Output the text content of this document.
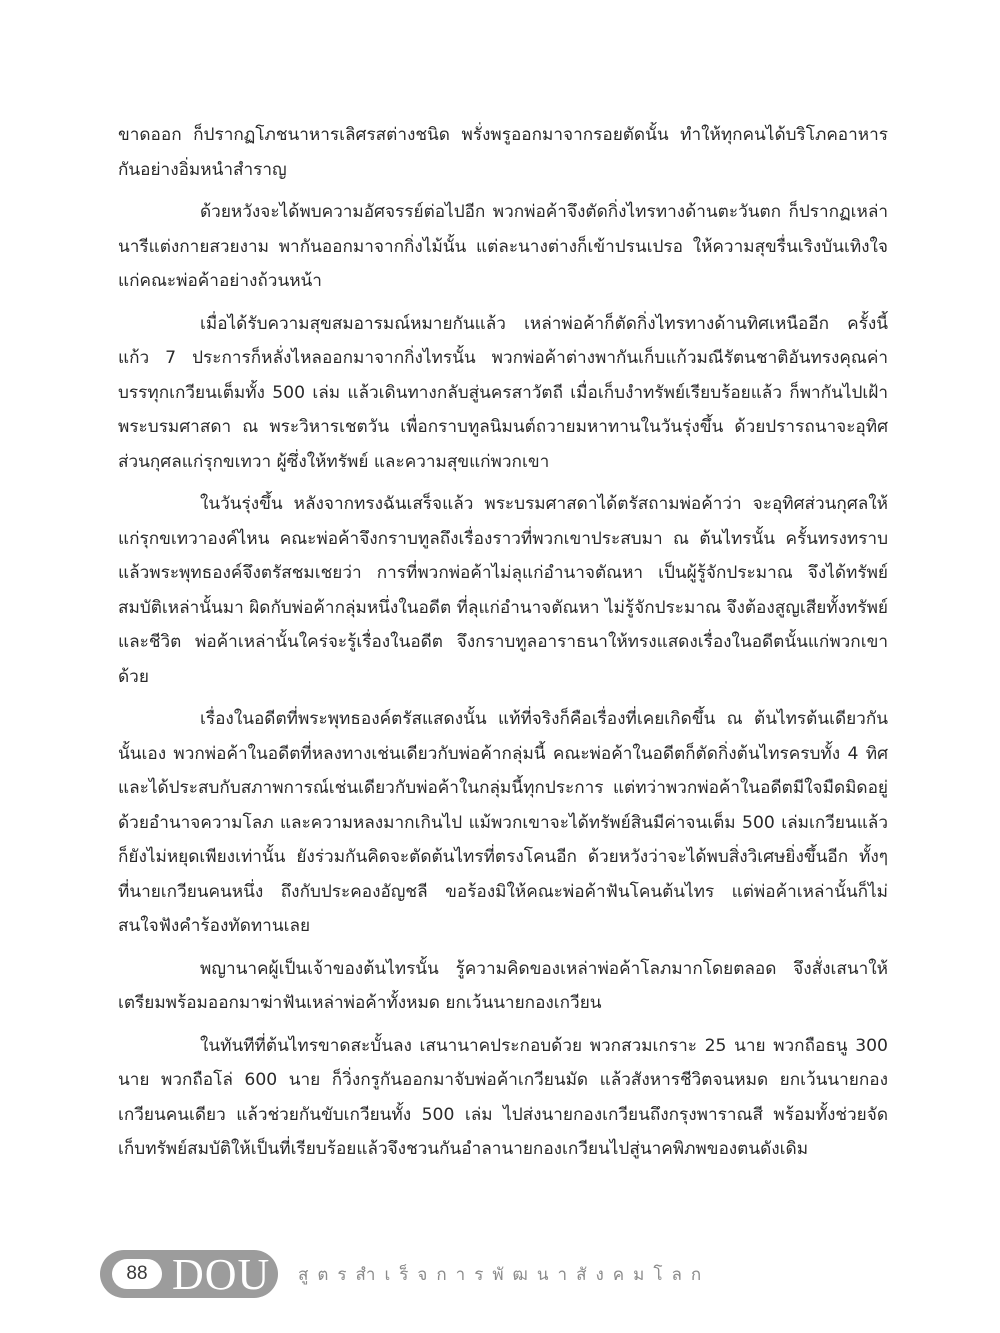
ขาดออก ก็ปรากฏโภชนาหารเลิศรสต่างชนิด พรั่งพรูออกมาจากรอยตัดนั้น ทำให้ทุกคนได้บริโภคอาหารกันอย่างอิ่มหนำสำราญ

ด้วยหวังจะได้พบความอัศจรรย์ต่อไปอีก พวกพ่อค้าจึงตัดกิ่งไทรทางด้านตะวันตก ก็ปรากฏเหล่านารีแต่งกายสวยงาม พากันออกมาจากกิ่งไม้นั้น แต่ละนางต่างก็เข้าปรนเปรอ ให้ความสุขรื่นเริงบันเทิงใจแก่คณะพ่อค้าอย่างถ้วนหน้า

เมื่อได้รับความสุขสมอารมณ์หมายกันแล้ว เหล่าพ่อค้าก็ตัดกิ่งไทรทางด้านทิศเหนืออีก ครั้งนี้แก้ว 7 ประการก็หลั่งไหลออกมาจากกิ่งไทรนั้น พวกพ่อค้าต่างพากันเก็บแก้วมณีรัตนชาติอันทรงคุณค่าบรรทุกเกวียนเต็มทั้ง 500 เล่ม แล้วเดินทางกลับสู่นครสาวัตถี เมื่อเก็บงำทรัพย์เรียบร้อยแล้ว ก็พากันไปเฝ้าพระบรมศาสดา ณ พระวิหารเชตวัน เพื่อกราบทูลนิมนต์ถวายมหาทานในวันรุ่งขึ้น ด้วยปรารถนาจะอุทิศส่วนกุศลแก่รุกขเทวา ผู้ซึ่งให้ทรัพย์ และความสุขแก่พวกเขา

ในวันรุ่งขึ้น หลังจากทรงฉันเสร็จแล้ว พระบรมศาสดาได้ตรัสถามพ่อค้าว่า จะอุทิศส่วนกุศลให้แก่รุกขเทวาองค์ไหน คณะพ่อค้าจึงกราบทูลถึงเรื่องราวที่พวกเขาประสบมา ณ ต้นไทรนั้น ครั้นทรงทราบแล้วพระพุทธองค์จึงตรัสชมเชยว่า การที่พวกพ่อค้าไม่ลุแก่อำนาจตัณหา เป็นผู้รู้จักประมาณ จึงได้ทรัพย์สมบัติเหล่านั้นมา ผิดกับพ่อค้ากลุ่มหนึ่งในอดีต ที่ลุแก่อำนาจตัณหา ไม่รู้จักประมาณ จึงต้องสูญเสียทั้งทรัพย์และชีวิต พ่อค้าเหล่านั้นใคร่จะรู้เรื่องในอดีต จึงกราบทูลอาราธนาให้ทรงแสดงเรื่องในอดีตนั้นแก่พวกเขาด้วย

เรื่องในอดีตที่พระพุทธองค์ตรัสแสดงนั้น แท้ที่จริงก็คือเรื่องที่เคยเกิดขึ้น ณ ต้นไทรต้นเดียวกันนั้นเอง พวกพ่อค้าในอดีตที่หลงทางเช่นเดียวกับพ่อค้ากลุ่มนี้ คณะพ่อค้าในอดีตก็ตัดกิ่งต้นไทรครบทั้ง 4 ทิศ และได้ประสบกับสภาพการณ์เช่นเดียวกับพ่อค้าในกลุ่มนี้ทุกประการ แต่ทว่าพวกพ่อค้าในอดีตมีใจมืดมิดอยู่ด้วยอำนาจความโลภ และความหลงมากเกินไป แม้พวกเขาจะได้ทรัพย์สินมีค่าจนเต็ม 500 เล่มเกวียนแล้ว ก็ยังไม่หยุดเพียงเท่านั้น ยังร่วมกันคิดจะตัดต้นไทรที่ตรงโคนอีก ด้วยหวังว่าจะได้พบสิ่งวิเศษยิ่งขึ้นอีก ทั้งๆ ที่นายเกวียนคนหนึ่ง ถึงกับประคองอัญชลี ขอร้องมิให้คณะพ่อค้าฟันโคนต้นไทร แต่พ่อค้าเหล่านั้นก็ไม่สนใจฟังคำร้องทัดทานเลย

พญานาคผู้เป็นเจ้าของต้นไทรนั้น รู้ความคิดของเหล่าพ่อค้าโลภมากโดยตลอด จึงสั่งเสนาให้เตรียมพร้อมออกมาฆ่าฟันเหล่าพ่อค้าทั้งหมด ยกเว้นนายกองเกวียน

ในทันทีที่ต้นไทรขาดสะบั้นลง เสนานาคประกอบด้วย พวกสวมเกราะ 25 นาย พวกถือธนู 300 นาย พวกถือโล่ 600 นาย ก็วิ่งกรูกันออกมาจับพ่อค้าเกวียนมัด แล้วสังหารชีวิตจนหมด ยกเว้นนายกองเกวียนคนเดียว แล้วช่วยกันขับเกวียนทั้ง 500 เล่ม ไปส่งนายกองเกวียนถึงกรุงพาราณสี พร้อมทั้งช่วยจัดเก็บทรัพย์สมบัติให้เป็นที่เรียบร้อยแล้วจึงชวนกันอำลานายกองเกวียนไปสู่นาคพิภพของตนดังเดิม

88 DOU สูตรสำเร็จการพัฒนาสังคมโลก
